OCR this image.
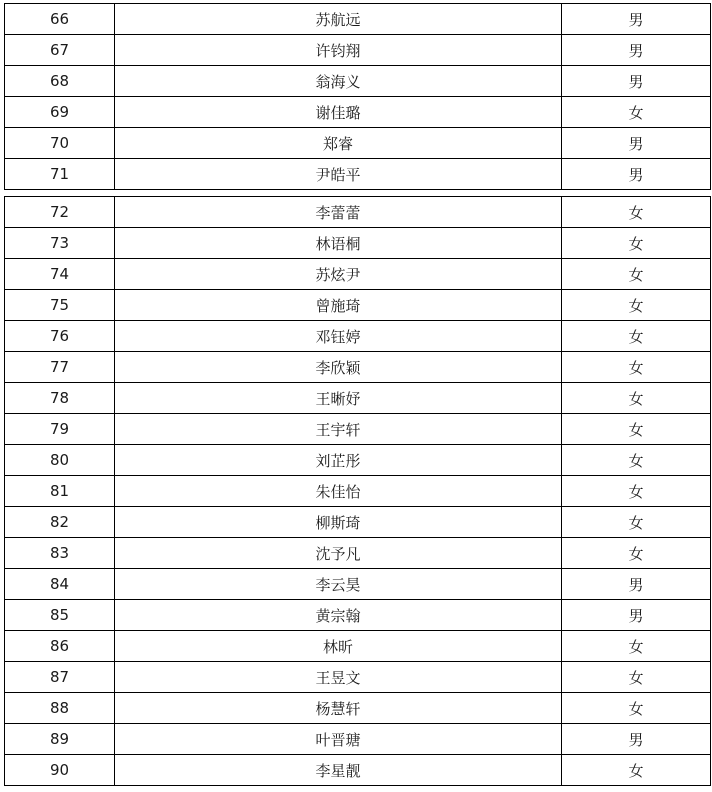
66	苏航远	男
67	许钧翔	男
68	翁海义	男
69	谢佳璐	女
70	郑睿	男
71	尹皓平	男
72	李蕾蕾	女
73	林语桐	女
74	苏炫尹	女
75	曾施琦	女
76	邓钰婷	女
77	李欣颖	女
78	王晰妤	女
79	王宇轩	女
80	刘芷彤	女
81	朱佳怡	女
82	柳斯琦	女
83	沈予凡	女
84	李云昊	男
85	黄宗翰	男
86	林昕	女
87	王昱文	女
88	杨慧轩	女
89	叶晋瑭	男
90	李星靓	女
